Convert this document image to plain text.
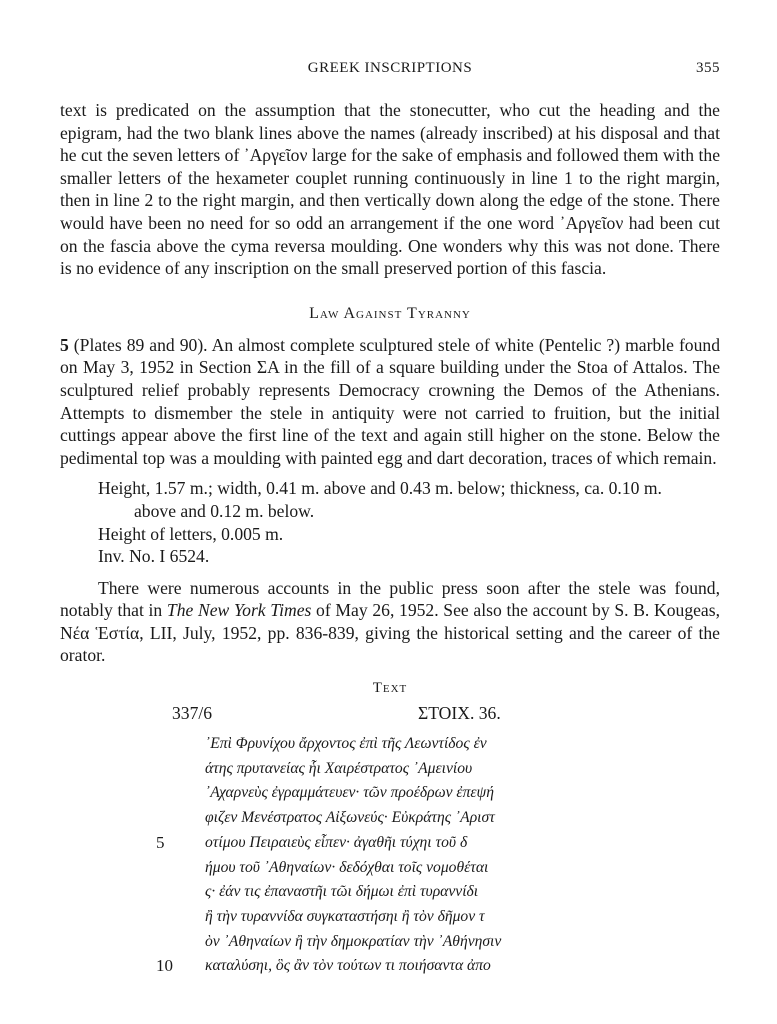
GREEK INSCRIPTIONS	355

text is predicated on the assumption that the stonecutter, who cut the heading and the epigram, had the two blank lines above the names (already inscribed) at his disposal and that he cut the seven letters of ᾿Αργεῖον large for the sake of emphasis and followed them with the smaller letters of the hexameter couplet running continuously in line 1 to the right margin, then in line 2 to the right margin, and then vertically down along the edge of the stone. There would have been no need for so odd an arrangement if the one word ᾿Αργεῖον had been cut on the fascia above the cyma reversa moulding. One wonders why this was not done. There is no evidence of any inscription on the small preserved portion of this fascia.

Law Against Tyranny

5 (Plates 89 and 90). An almost complete sculptured stele of white (Pentelic ?) marble found on May 3, 1952 in Section ΣΑ in the fill of a square building under the Stoa of Attalos. The sculptured relief probably represents Democracy crowning the Demos of the Athenians. Attempts to dismember the stele in antiquity were not carried to fruition, but the initial cuttings appear above the first line of the text and again still higher on the stone. Below the pedimental top was a moulding with painted egg and dart decoration, traces of which remain.

Height, 1.57 m.; width, 0.41 m. above and 0.43 m. below; thickness, ca. 0.10 m.
above and 0.12 m. below.
Height of letters, 0.005 m.
Inv. No. I 6524.

There were numerous accounts in the public press soon after the stele was found, notably that in The New York Times of May 26, 1952. See also the account by S. B. Kougeas, Νέα Ἑστία, LII, July, 1952, pp. 836-839, giving the historical setting and the career of the orator.

Text
337/6	ΣΤΟΙΧ. 36.
᾿Επὶ Φρυνίχου ἄρχοντος ἐπὶ τῆς Λεωντίδος ἐν
άτης πρυτανείας ἧι Χαιρέστρατος ᾿Αμεινίου
᾿Αχαρνεὺς ἐγραμμάτευεν· τῶν προέδρων ἐπεψή
φιζεν Μενέστρατος Αἰξωνεύς· Εὐκράτης ᾿Αριστ
5	οτίμου Πειραιεὺς εἶπεν· ἀγαθῆι τύχηι τοῦ δ
ήμου τοῦ ᾿Αθηναίων· δεδόχθαι τοῖς νομοθέται
ς· ἐάν τις ἐπαναστῆι τῶι δήμωι ἐπὶ τυραννίδι
ἢ τὴν τυραννίδα συγκαταστήσηι ἢ τὸν δῆμον τ
ὸν ᾿Αθηναίων ἢ τὴν δημοκρατίαν τὴν ᾿Αθήνησιν
10 καταλύσηι, ὃς ἂν τὸν τούτων τι ποιήσαντα ἀπο
